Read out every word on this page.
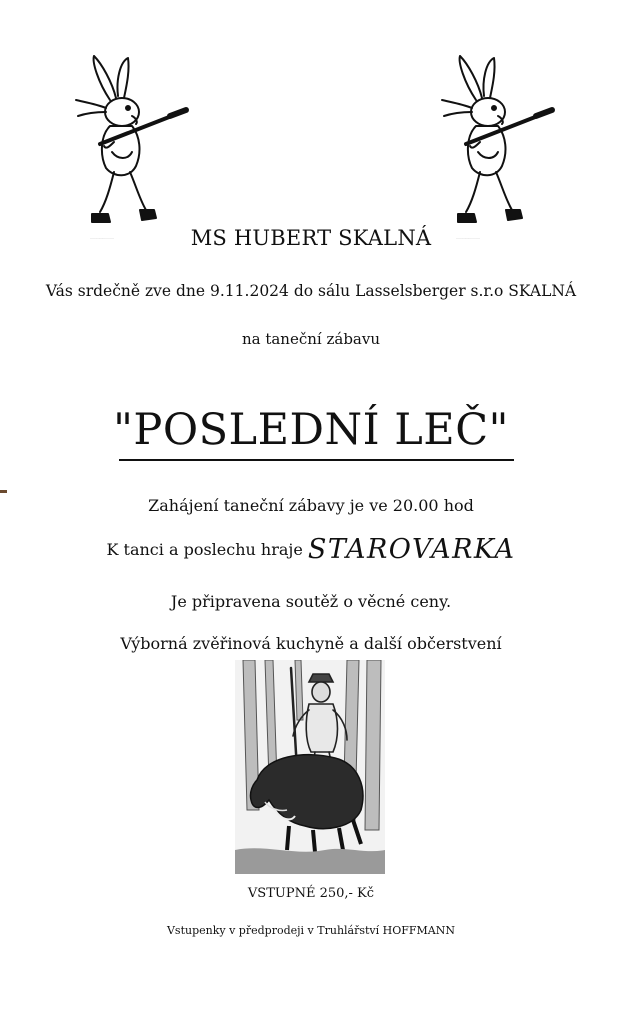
·························	·························
MS HUBERT SKALNÁ
Vás srdečně zve dne 9.11.2024 do sálu Lasselsberger s.r.o SKALNÁ
na taneční zábavu
"POSLEDNÍ LEČ"
Zahájení taneční zábavy je ve 20.00 hod
K tanci a poslechu hraje STAROVARKA
Je připravena soutěž o věcné ceny.
Výborná zvěřinová kuchyně a další občerstvení
VSTUPNÉ 250,- Kč
Vstupenky v předprodeji v Truhlářství HOFFMANN
